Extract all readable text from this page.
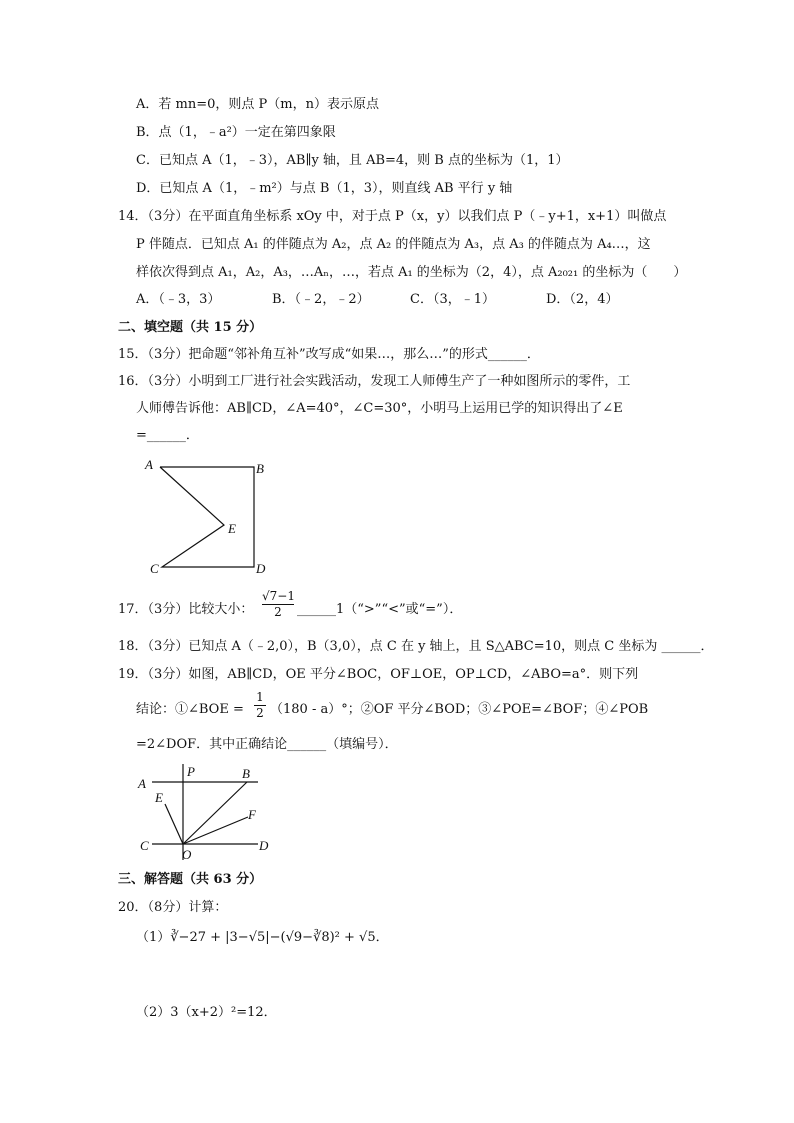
A．若 mn=0，则点 P（m，n）表示原点
B．点（1，﹣a²）一定在第四象限
C．已知点 A（1，﹣3），AB∥y 轴，且 AB=4，则 B 点的坐标为（1，1）
D．已知点 A（1，﹣m²）与点 B（1，3），则直线 AB 平行 y 轴
14．（3分）在平面直角坐标系 xOy 中，对于点 P（x，y）以我们点 P（﹣y+1，x+1）叫做点
P 伴随点．已知点 A₁ 的伴随点为 A₂，点 A₂ 的伴随点为 A₃，点 A₃ 的伴随点为 A₄…，这
样依次得到点 A₁，A₂，A₃，…Aₙ，…，若点 A₁ 的坐标为（2，4），点 A₂₀₂₁ 的坐标为（　　）
A．（﹣3，3）	B．（﹣2，﹣2）	C．（3，﹣1）	D．（2，4）
二、填空题（共 15 分）
15．（3分）把命题“邻补角互补”改写成“如果…，那么…”的形式______．
16．（3分）小明到工厂进行社会实践活动，发现工人师傅生产了一种如图所示的零件，工
人师傅告诉他：AB∥CD，∠A=40°，∠C=30°，小明马上运用已学的知识得出了∠E
=______．
A	B
E
C	D
17．（3分）比较大小： $\frac{√7-1}{2}$ ______1（“>”“<”或“=”）．
18．（3分）已知点 A（﹣2,0），B（3,0），点 C 在 y 轴上，且 S△ABC=10，则点 C 坐标为 ______．
19．（3分）如图，AB∥CD，OE 平分∠BOC，OF⊥OE，OP⊥CD，∠ABO=a°．则下列
结论：①∠BOE = $\frac{1}{2} (180 - a)^\circ$；②OF 平分∠BOD；③∠POE=∠BOF；④∠POB
=2∠DOF．其中正确结论______（填编号）．
A
P	B
E
F
C	D
O
三、解答题（共 63 分）
20．（8分）计算：
（1）∛−27 + |3−√5|−(√9−∛8)² + √5．
（2）3（x+2）²=12．
